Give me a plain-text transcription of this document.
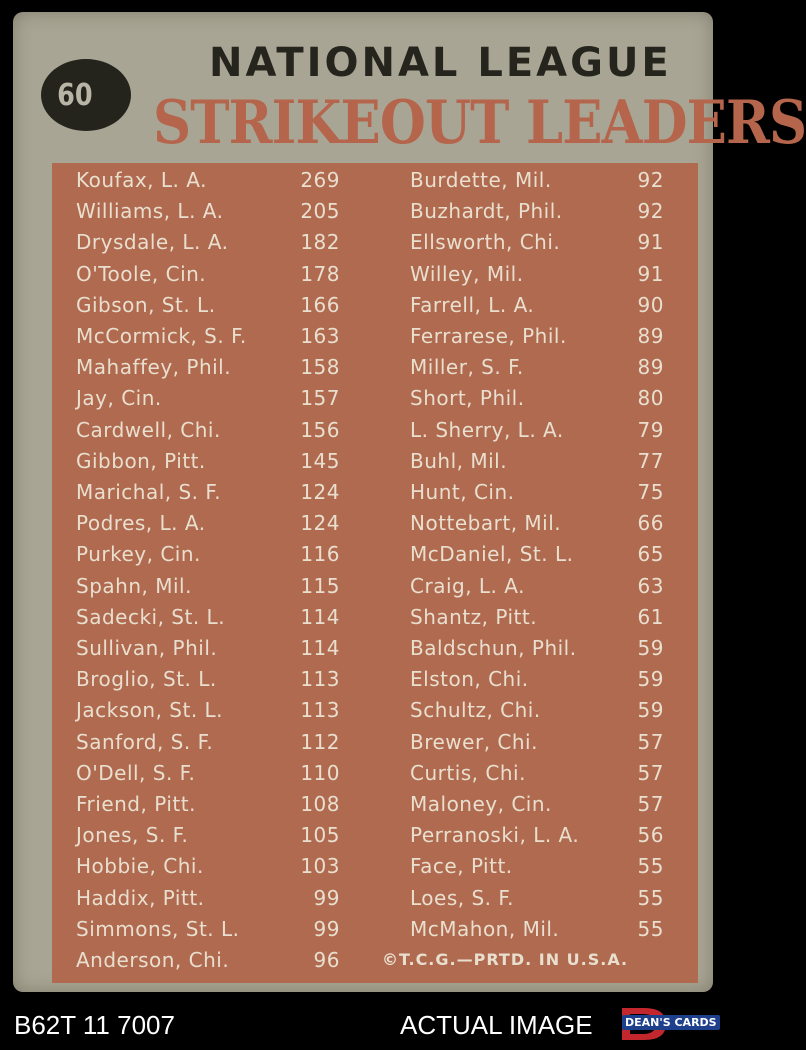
60
NATIONAL LEAGUE
STRIKEOUT LEADERS
Koufax, L. A.	269
Williams, L. A.	205
Drysdale, L. A.	182
O'Toole, Cin.	178
Gibson, St. L.	166
McCormick, S. F.	163
Mahaffey, Phil.	158
Jay, Cin.	157
Cardwell, Chi.	156
Gibbon, Pitt.	145
Marichal, S. F.	124
Podres, L. A.	124
Purkey, Cin.	116
Spahn, Mil.	115
Sadecki, St. L.	114
Sullivan, Phil.	114
Broglio, St. L.	113
Jackson, St. L.	113
Sanford, S. F.	112
O'Dell, S. F.	110
Friend, Pitt.	108
Jones, S. F.	105
Hobbie, Chi.	103
Haddix, Pitt.	99
Simmons, St. L.	99
Anderson, Chi.	96
Burdette, Mil.	92
Buzhardt, Phil.	92
Ellsworth, Chi.	91
Willey, Mil.	91
Farrell, L. A.	90
Ferrarese, Phil.	89
Miller, S. F.	89
Short, Phil.	80
L. Sherry, L. A.	79
Buhl, Mil.	77
Hunt, Cin.	75
Nottebart, Mil.	66
McDaniel, St. L.	65
Craig, L. A.	63
Shantz, Pitt.	61
Baldschun, Phil.	59
Elston, Chi.	59
Schultz, Chi.	59
Brewer, Chi.	57
Curtis, Chi.	57
Maloney, Cin.	57
Perranoski, L. A.	56
Face, Pitt.	55
Loes, S. F.	55
McMahon, Mil.	55
©T.C.G.—PRTD. IN U.S.A.
B62T 11 7007	ACTUAL IMAGE	DEAN'S CARDS
